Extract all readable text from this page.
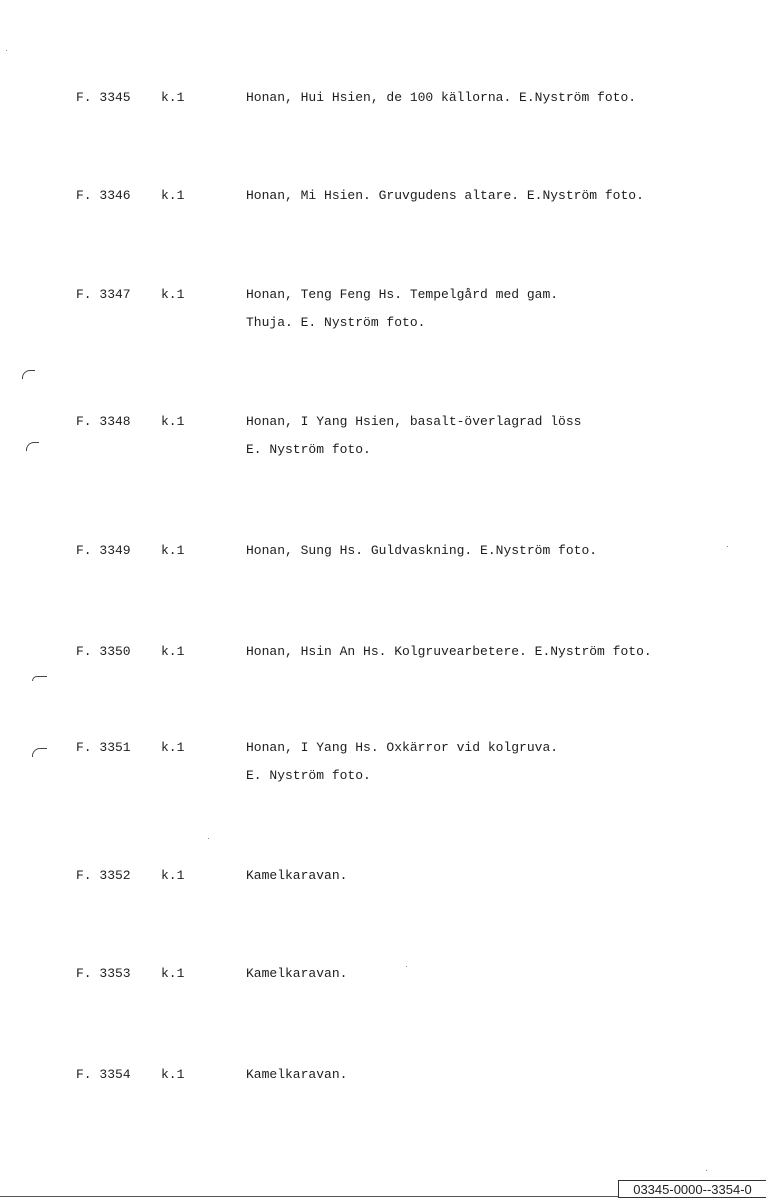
F. 3345 k.1	Honan, Hui Hsien, de 100 källorna. E.Nyström foto.
F. 3346 k.1	Honan, Mi Hsien. Gruvgudens altare. E.Nyström foto.
F. 3347 k.1	Honan, Teng Feng Hs. Tempelgård med gam.
Thuja. E. Nyström foto.
F. 3348 k.1	Honan, I Yang Hsien, basalt-överlagrad löss
E. Nyström foto.
F. 3349 k.1	Honan, Sung Hs. Guldvaskning. E.Nyström foto.
F. 3350 k.1	Honan, Hsin An Hs. Kolgruvearbetere. E.Nyström foto.
F. 3351 k.1	Honan, I Yang Hs. Oxkärror vid kolgruva.
E. Nyström foto.
F. 3352 k.1	Kamelkaravan.
F. 3353 k.1	Kamelkaravan.
F. 3354 k.1	Kamelkaravan.
03345-0000--3354-0
